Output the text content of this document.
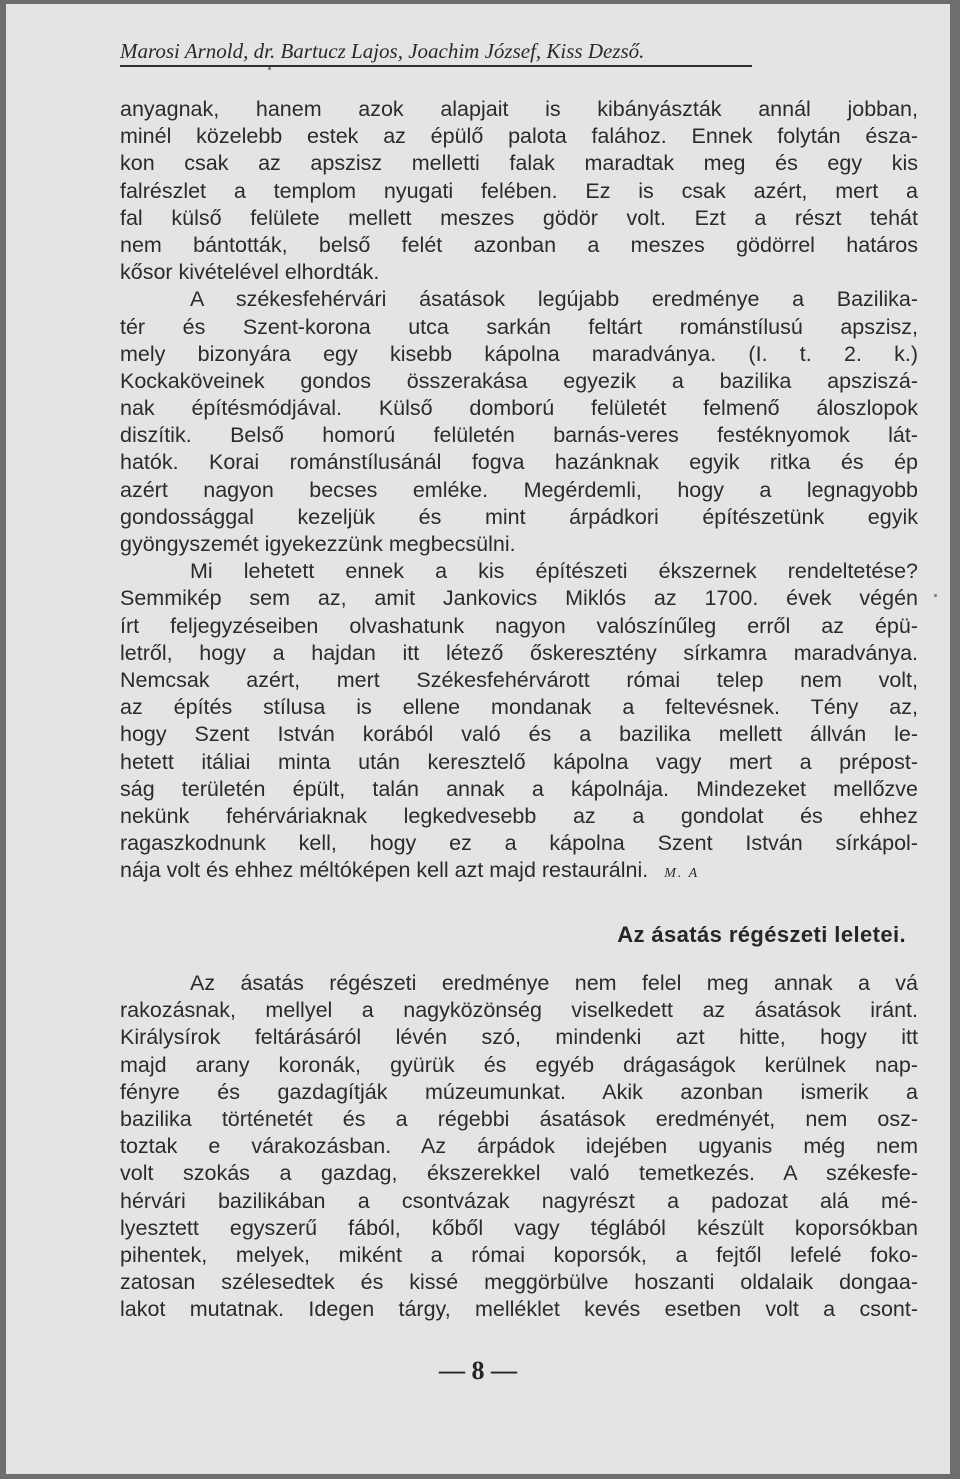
Marosi Arnold, dr. Bartucz Lajos, Joachim József, Kiss Dezső.
anyagnak, hanem azok alapjait is kibányászták annál jobban,
minél közelebb estek az épülő palota falához. Ennek folytán észa-
kon csak az apszisz melletti falak maradtak meg és egy kis
falrészlet a templom nyugati felében. Ez is csak azért, mert a
fal külső felülete mellett meszes gödör volt. Ezt a részt tehát
nem bántották, belső felét azonban a meszes gödörrel határos
kősor kivételével elhordták.
A székesfehérvári ásatások legújabb eredménye a Bazilika-
tér és Szent-korona utca sarkán feltárt románstílusú apszisz,
mely bizonyára egy kisebb kápolna maradványa. (I. t. 2. k.)
Kockaköveinek gondos összerakása egyezik a bazilika apsziszá-
nak építésmódjával. Külső domború felületét felmenő áloszlopok
diszítik. Belső homorú felületén barnás-veres festéknyomok lát-
hatók. Korai románstílusánál fogva hazánknak egyik ritka és ép
azért nagyon becses emléke. Megérdemli, hogy a legnagyobb
gondossággal kezeljük és mint árpádkori építészetünk egyik
gyöngyszemét igyekezzünk megbecsülni.
Mi lehetett ennek a kis építészeti ékszernek rendeltetése?
Semmikép sem az, amit Jankovics Miklós az 1700. évek végén
írt feljegyzéseiben olvashatunk nagyon valószínűleg erről az épü-
letről, hogy a hajdan itt létező őskeresztény sírkamra maradványa.
Nemcsak azért, mert Székesfehérvárott római telep nem volt,
az építés stílusa is ellene mondanak a feltevésnek. Tény az,
hogy Szent István korából való és a bazilika mellett állván le-
hetett itáliai minta után keresztelő kápolna vagy mert a prépost-
ság területén épült, talán annak a kápolnája. Mindezeket mellőzve
nekünk fehérváriaknak legkedvesebb az a gondolat és ehhez
ragaszkodnunk kell, hogy ez a kápolna Szent István sírkápol-
nája volt és ehhez méltóképen kell azt majd restaurálni. M. A
Az ásatás régészeti leletei.
Az ásatás régészeti eredménye nem felel meg annak a vá
rakozásnak, mellyel a nagyközönség viselkedett az ásatások iránt.
Királysírok feltárásáról lévén szó, mindenki azt hitte, hogy itt
majd arany koronák, gyürük és egyéb drágaságok kerülnek nap-
fényre és gazdagítják múzeumunkat. Akik azonban ismerik a
bazilika történetét és a régebbi ásatások eredményét, nem osz-
toztak e várakozásban. Az árpádok idejében ugyanis még nem
volt szokás a gazdag, ékszerekkel való temetkezés. A székesfe-
hérvári bazilikában a csontvázak nagyrészt a padozat alá mé-
lyesztett egyszerű fából, kőből vagy téglából készült koporsókban
pihentek, melyek, miként a római koporsók, a fejtől lefelé foko-
zatosan szélesedtek és kissé meggörbülve hoszanti oldalaik dongaa-
lakot mutatnak. Idegen tárgy, melléklet kevés esetben volt a csont-
— 8 —
